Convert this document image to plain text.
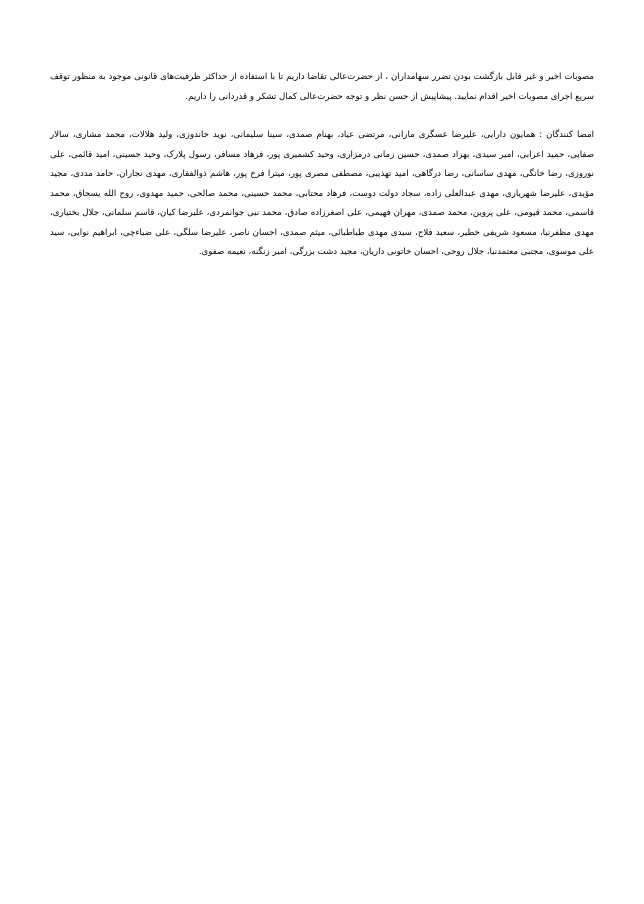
مصوبات اخیر و غیر قابل بازگشت بودن تضرر سهامداران ، از حضرت‌عالی تقاضا داریم تا با استفاده از حداکثر ظرفیت‌های قانونی موجود به منظور توقف سریع اجرای مصوبات اخیر اقدام نمایید. پیشاپیش از حسن نظر و توجه حضرت‌عالی کمال تشکر و قدردانی را داریم.

امضا کنندگان : همایون دارایی، علیرضا عسگری مارانی، مرتضی عیاد، بهنام صمدی، سینا سلیمانی، نوید خاندوزی، ولید هلالات، محمد مشاری، سالار صفایی، حمید اعرابی، امیر سیدی، بهزاد صمدی، حسین زمانی درمزاری، وحید کشمیری پور، فرهاد مسافر، رسول پلارک، وحید حسینی، امید قائمی، علی نوروزی، رضا خانگی، مهدی ساسانی، رضا درگاهی، امید تهذیبی، مصطفی مصری پور، میترا فرخ پور، هاشم ذوالفقاری، مهدی نجاران، حامد مددی، مجید مؤیدی، علیرضا شهریاری، مهدی عبدالعلی زاده، سجاد دولت دوست، فرهاد محتابی، محمد حسینی، محمد صالحی، حمید مهدوی، روح الله یسحاق، محمد قاسمی، محمد قیومی، علی پروین، محمد صمدی، مهران فهیمی، علی اصغرزاده صادق، محمد نبی جوانمردی، علیرضا کیان، قاسم سلمانی، جلال بختیاری، مهدی مظفرنیا، مسعود شریفی خطیر، سعید فلاح، سیدی مهدی طباطبائی، میثم صمدی، احسان ناصر، علیرضا سلگی، علی ضیاءچی، ابراهیم نوایی، سید علی موسوی، مجتبی معتمدنیا، جلال روحی، احسان خاتونی داریان، مجید دشت بزرگی، امیر زنگنه، نعیمه صفوی.
